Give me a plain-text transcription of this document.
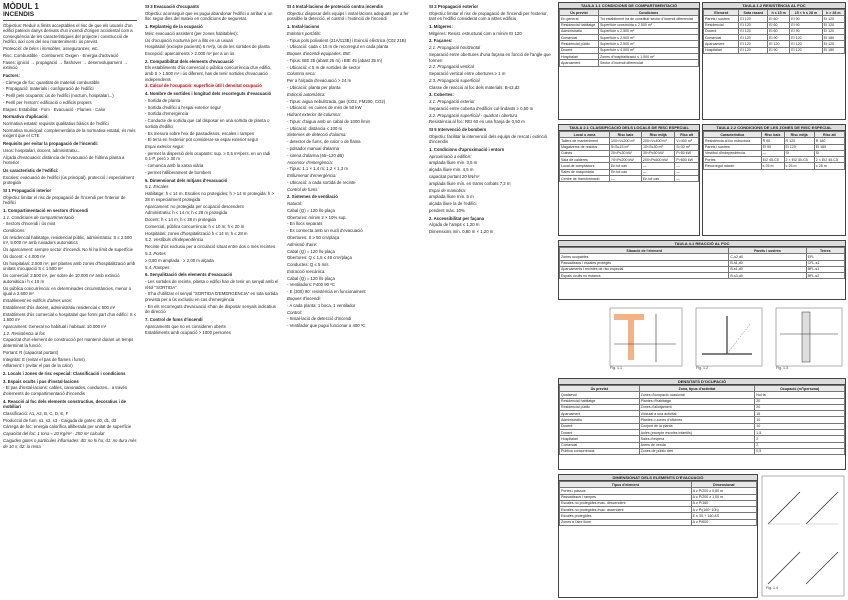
MÒDUL 1
INCENDIS

Objectius: Reduir a límits acceptables el risc de que els usuaris d'un edifici pateixin danys derivats d'un incendi d'origen accidental com a conseqüència de les característiques del projecte i construcció de l'edifici, així com del seu manteniment i ús previst.

Protecció: de béns i immobles, assegurances, etc.

Risc: Combustible · Comburent: Oxigen · Energia d'activació

Fases: ignició → propagació → flashover → desenvolupament → extinció

Factors:

- Càrrega de foc: quantitat de material combustible

- Propagació: materials i configuració de l'edifici

- Perill pels ocupants: ús de l'edifici (nocturn, hospitalari...)

- Perill per l'entorn: edificació o edificis propers

Etapes: Estabilitat · Fum · Evacuació · Flames · Calor

Normativa d'aplicació:

Normativa estatal: requisits qualitatius bàsics de l'edifici

Normativa municipal: complementària de la normativa estatal, és més exigent que el CTE

Requisits per evitar la propagació de l'incendi:

Usos: hospitalari, docent, administratiu...

Alçada d'evacuació: distància de l'evacuació de l'última planta a l'exterior

Ús característic de l'edifici:

Escales: evacuació de l'edifici (ús principal), protecció i especialment protegida

SI 1 Propagació interior

Objectiu: limitar el risc de propagació de l'incendi per l'interior de l'edifici

1. Compartimentació en sectors d'incendi

1.1. Condicions de compartimentació

- Sectors d'incendi i ús mixt

Condicions:

Ús residencial habitatge, residencial públic, administratiu: S ≤ 2.500 m², 5.000 m² amb ruixadors automàtics

Ús aparcament: sempre sector d'incendi. No hi ha límit de superfície

Ús docent: ≤ 4.000 m²

Ús hospitalari: 2.500 m², per plantes amb zones d'hospitalització amb unitats s'ocupació S ≤ 1.500 m²

Ús comercial: 2.500 m², per sobre de 10.000 m² amb extinció automàtica i h ≤ 10 m

Ús pública concurrència: en determinades circumstàncies, menor o igual a 2.500 m²

Establiment en edificis d'altres usos:

Establiment d'ús docent, administratiu residencial ≤ 500 m²

Establiment d'ús comercial o hospitalari que formi part d'un edifici: S ≤ 1.500 m²

Aparcament: General no habitual i habitual: 10.000 m²

1.2. Resistència al foc

Capacitat d'un element de construcció per mantenir durant un temps determinat la funció:

Portant: R (capacitat portant)

Integritat: E (evitar el pas de flames i fums)

Aïllament: I (evitar el pas de la calor)

2. Locals i zones de risc especial: Classificació i condicions

3. Espais ocults i pas d'instal·lacions

- El pas d'instal·lacions: cables, canonades, conductes... a través d'elements de compartimentació d'incendis

4. Reacció al foc dels elements constructius, decoratius i de mobiliari

Classificació: A1, A2, B, C, D, E, F

Producció de fum: s1, s2, s3 · Caiguda de gotes: d0, d1, d2

Càrrega de foc: energia calorífica alliberada per unitat de superfície

Capacitat del foc: 1 tona ≈ 20 Kg/m² · 250 m² calculat

Caigudes gotes o partícules inflamades: d0: no hi ha; d1: no dura més de 10 s; d2: la resta

SI 3 Evacuació d'ocupants

Objectiu: aconseguir que es pugui abandonar l'edifici o arribar a un lloc segur dins del mateix en condicions de seguretat.

1. Replanteig de la ocupació

Més: evacuació assistent (per zones habitables):

Ús d'ocupació nocturna per a llits en un usuari

Hospitalari (excepte pacients) 5 m²/p, ús de les sortides de planta

Excepció: aparcaments > 2.000 m² per a un ús

2. Compatibilitat dels elements d'evacuació

Els establiments d'ús comercial o pública concurrència d'un edifici, amb S > 1.500 m² i ús diferent, han de tenir sortides d'evacuació independents

3. Càlcul de l'ocupació: superfície útil / densitat ocupació

4. Nombre de sortides i longitud dels recorreguts d'evacuació

- Sortida de planta

- Sortida d'edifici a l'espai exterior segur

- Sortida d'emergència

- Conducte de sortida que cal disposar en una sortida de planta o sortida d'edifici

- Es mesura sobre l'eix de passadissos, escales i rampes

- El terra en l'exterior pot considerar-se espai exterior segur

Espai exterior segur:

- permet la dispersió dels ocupants: sup. ≥ 0,5 m²/pers. en un radi 0,1·P, però ≥ 30 m

- comunica amb la xarxa viària

- permet l'alliberament de bombers

5. Dimensionat dels mitjans d'evacuació

5.1. Escales

Habitatge: h ≤ 14 m. Escales no protegides; h > 14 m protegida; h > 28 m especialment protegida

Aparcament: no protegida per ocupació descendent

Administratiu: h ≤ 14 m; h ≤ 28 m protegida

Docent: h ≤ 14 m; h ≤ 28 m protegida

Comercial, pública concurrència: h ≤ 10 m; h ≤ 20 m

Hospitalari: zones d'hospitalització h ≤ 14 m; h ≤ 28 m

5.2. Vestíbuls d'independència

Recinte d'ús exclusiu per a circulació situat entre dos o més recintes

5.3. Portes

≥ 0,80 m amplada · ≥ 2,00 m alçada

5.4. Rampes

6. Senyalització dels elements d'evacuació

- Les sortides de recinte, planta o edifici han de tenir un senyal amb el rètol "SORTIDA"

- S'ha d'utilitzar el senyal "SORTIDA D'EMERGÈNCIA" en tota sortida prevista per a ús exclusiu en cas d'emergència

- En els recorreguts d'evacuació s'han de disposar senyals indicatius de direcció

7. Control de fums d'incendi

Aparcaments que no es consideren oberts

Establiments amb ocupació > 1000 persones

SI 4 Instal·lacions de protecció contra incendis

Objectiu: disposar dels equips i instal·lacions adequats per a fer possible la detecció, el control i l'extinció de l'incendi

1. Instal·lacions

Extintors portàtils:

- Tipus pols polivalent (21A/113B) i Exinció elèctrica (C02 21B)

- Ubicació: cada ≤ 15 m de recorregut en cada planta

Boques d'incendi equipades, BIE:

- Tipus: BIE 25 (abast 25 m) i BIE 45 (abast 35 m)

- Ubicació: ≤ 5 m de sortides de sector

Columna seca:

Per a l'alçada d'evacuació > 24 m

- Ubicació: planta per planta

Extinció automàtica:

- Tipus: aigua nebulitzada, gas (CO2, FM200, CO2)

- Ubicació: en cuines de més de 50 kW

Hidrant exterior de columna:

- Tipus: d'aigua amb un cabal de 1000 l/min

- Ubicació: distància ≤ 100 m

Sistemes de detecció d'alarma:

- detector de fums, de calor o de flama

- polsador manual d'alarma

- sirena d'alarma (65–120 dB)

Ascensor d'emergència:

- Tipus: 1,1 × 1,4 m; 1,2 × 1,3 m

Enllumenat d'emergència:

- Ubicació: a cada sortida de recinte

Control de fums:

2. Sistemes de ventilació

Natural:

Cabal (Q) = 120 l/s·plaça

Obertures: mínim 2 × 10% sup.

- En llocs separats

- Es connecta amb un nucli d'evacuació

Obertures: S ≥ 50 cm/plaça

Admissió d'aire:

Cabal (Q) = 120 l/s·plaça

Obertures: Q ≤ 1,5 ≤ 40 cm²/plaça

Conductes: Q ≤ 5 m/s

Extracció mecànica:

Cabal (Q) = 120 l/s·plaça

- Ventiladors: F400 90 ºC

- E (300) 90: resistència en funcionament

Boques d'incendi:

- A cada planta: 1 boca, 1 ventilador

Control:

- Instal·lació de detecció d'incendi

- Ventilador que pugui funcionar a 400 ºC

SI 2 Propagació exterior

Objectiu: limitar el risc de propagació de l'incendi per l'exterior, tant en l'edifici considerat com a altres edificis

1. Mitgeres:

Mitgeres: Resist. estructural com a mínim EI 120

2. Façanes:

2.1. Propagació horitzontal

Separació entre obertures d'una façana en funció de l'angle que formen

2.2. Propagació vertical

Separació vertical entre obertures ≥ 1 m

2.3. Propagació superficial

Classe de reacció al foc dels materials: B-s3,d2

3. Cobertes:

3.1. Propagació exterior

Separació entre coberta d'edificis col·lindants ≥ 0,50 m

3.2. Propagació superficial - quadrat i obertura

Resistència al foc: REI 60 en una franja de 0,50 m

SI 5 Intervenció de bombers

Objectiu: facilitar la intervenció dels equips de rescat i extinció d'incendis

1. Condicions d'aproximació i entorn

Aproximació a edificis:

amplada lliure mín. 3,5 m

alçada lliure mín. 4,5 m

capacitat portant 20 kN/m²

amplada lliure mín. en trams corbats 7,2 m

Espai de maniobra:

amplada lliure mín. 5 m

alçada lliure la de l'edifici

pendent màx. 10%

2. Accessibilitat per façana

Alçada de l'ampit ≤ 1,20 m

Dimensions mín. 0,80 m × 1,20 m

TAULA 1.1 CONDICIONS DE COMPARTIMENTACIÓ
Ús previst	Condicions
En general	Tot establiment ha de constituir sector d'incendi diferenciat
Residencial habitatge	Superfície construïda ≤ 2.500 m²
Administratiu	Superfície ≤ 2.500 m²
Comercial	Superfície ≤ 2.500 m²
Residencial públic	Superfície ≤ 2.500 m²
Docent	Superfície ≤ 4.000 m²
Hospitalari	Zones d'hospitalització ≤ 1.500 m²
Aparcament	Sector d'incendi diferenciat
TAULA 1.2 RESISTÈNCIA AL FOC
Element	Sota rasant	h ≤ 15 m	15 < h ≤ 28 m	h > 28 m
Parets i sostres	EI 120	EI 60	EI 90	EI 120
Residencial	EI 120	EI 60	EI 90	EI 120
Docent	EI 120	EI 60	EI 90	EI 120
Comercial	EI 120	EI 90	EI 120	EI 180
Aparcament	EI 120	EI 120	EI 120	EI 120
Hospitalari	EI 120	EI 90	EI 120	EI 180
TAULA 2.1 CLASSIFICACIÓ DELS LOCALS DE RISC ESPECIAL
Local o zona	Risc baix	Risc mitjà	Risc alt
Tallers de manteniment	100<V≤200 m³	200<V≤400 m³	V>400 m³
Magatzems de residus	5<S≤15 m²	15<S≤30 m²	S>30 m²
Cuines	20<P≤30 kW	30<P≤50 kW	P>50 kW
Sala de calderes	70<P≤200 kW	200<P≤600 kW	P>600 kW
Local de comptadors	En tot cas	—	—
Sales de maquinària	En tot cas	—	—
Centre de transformació	—	En tot cas	—
TAULA 2.2 CONDICIONS DE LES ZONES DE RISC ESPECIAL
Característica	Risc baix	Risc mitjà	Risc alt
Resistència al foc estructura	R 90	R 120	R 180
Parets i sostres	EI 90	EI 120	EI 180
Vestíbul d'independència	—	Sí	Sí
Portes	EI2 45-C5	2 × EI2 30-C5	2 × EI2 45-C5
Recorregut màxim	≤ 25 m	≤ 25 m	≤ 25 m
TAULA 4.1 REACCIÓ AL FOC
Situació de l'element	Parets i sostres	Terres
Zones ocupables	C-s2,d0	EFL
Passadissos i escales protegits	B-s1,d0	CFL-s1
Aparcaments i recintes de risc especial	B-s1,d0	BFL-s1
Espais ocults no estancs	B-s3,d0	BFL-s2
Fig. 1.1	Fig. 1.2	Fig. 1.3
DENSITATS D'OCUPACIÓ
Ús previst	Zona, tipus d'activitat	Ocupació (m²/persona)
Qualsevol	Zones d'ocupació ocasional	Nul·la
Residencial habitatge	Plantes d'habitatge	20
Residencial públic	Zones d'allotjament	20
Aparcament	Vinculat a una activitat	15
Administratiu	Plantes o zones d'oficines	10
Docent	Conjunt de la planta	10
Docent	Aules (excepte escoles infantils)	1,5
Hospitalari	Sales d'espera	2
Comercial	Àrees de venda	2
Pública concurrència	Zones de públic dret	0,5
DIMENSIONAT DELS ELEMENTS D'EVACUACIÓ
Tipus d'element	Dimensionat
Portes i passos	A ≥ P/200 ≥ 0,80 m
Passadissos i rampes	A ≥ P/200 ≥ 1,00 m
Escales no protegides evac. descendent	A ≥ P/160
Escales no protegides evac. ascendent	A ≥ P/(160−10h)
Escales protegides	E ≤ 3S + 160 AS
Zones a l'aire lliure	A ≥ P/600
Fig. 1.4
